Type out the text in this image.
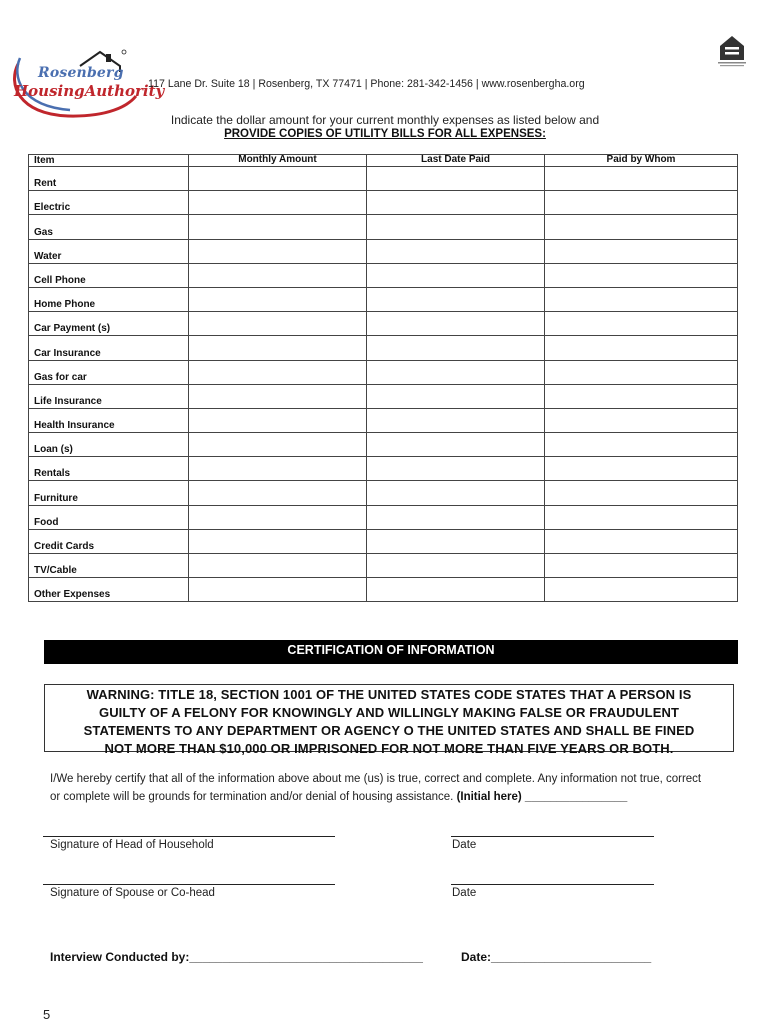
Rosenberg
HousingAuthority
117 Lane Dr. Suite 18 | Rosenberg, TX 77471 | Phone: 281-342-1456 | www.rosenbergha.org
Indicate the dollar amount for your current monthly expenses as listed below and
PROVIDE COPIES OF UTILITY BILLS FOR ALL EXPENSES:
Item	Monthly Amount	Last Date Paid	Paid by Whom

Rent			

Electric			

Gas			

Water			

Cell Phone			

Home Phone			

Car Payment (s)			

Car Insurance			

Gas for car			

Life Insurance			

Health Insurance			

Loan (s)			

Rentals			

Furniture			

Food			

Credit Cards			

TV/Cable			

Other Expenses			

CERTIFICATION OF INFORMATION
WARNING: TITLE 18, SECTION 1001 OF THE UNITED STATES CODE STATES THAT A PERSON IS
GUILTY OF A FELONY FOR KNOWINGLY AND WILLINGLY MAKING FALSE OR FRAUDULENT
STATEMENTS TO ANY DEPARTMENT OR AGENCY O THE UNITED STATES AND SHALL BE FINED
NOT MORE THAN $10,000 OR IMPRISONED FOR NOT MORE THAN FIVE YEARS OR BOTH.
I/We hereby certify that all of the information above about me (us) is true, correct and complete. Any information not true, correct
or complete will be grounds for termination and/or denial of housing assistance. (Initial here) ________________
Signature of Head of Household	Date
Signature of Spouse or Co-head	Date
Interview Conducted by:___________________________________	Date:________________________
5
